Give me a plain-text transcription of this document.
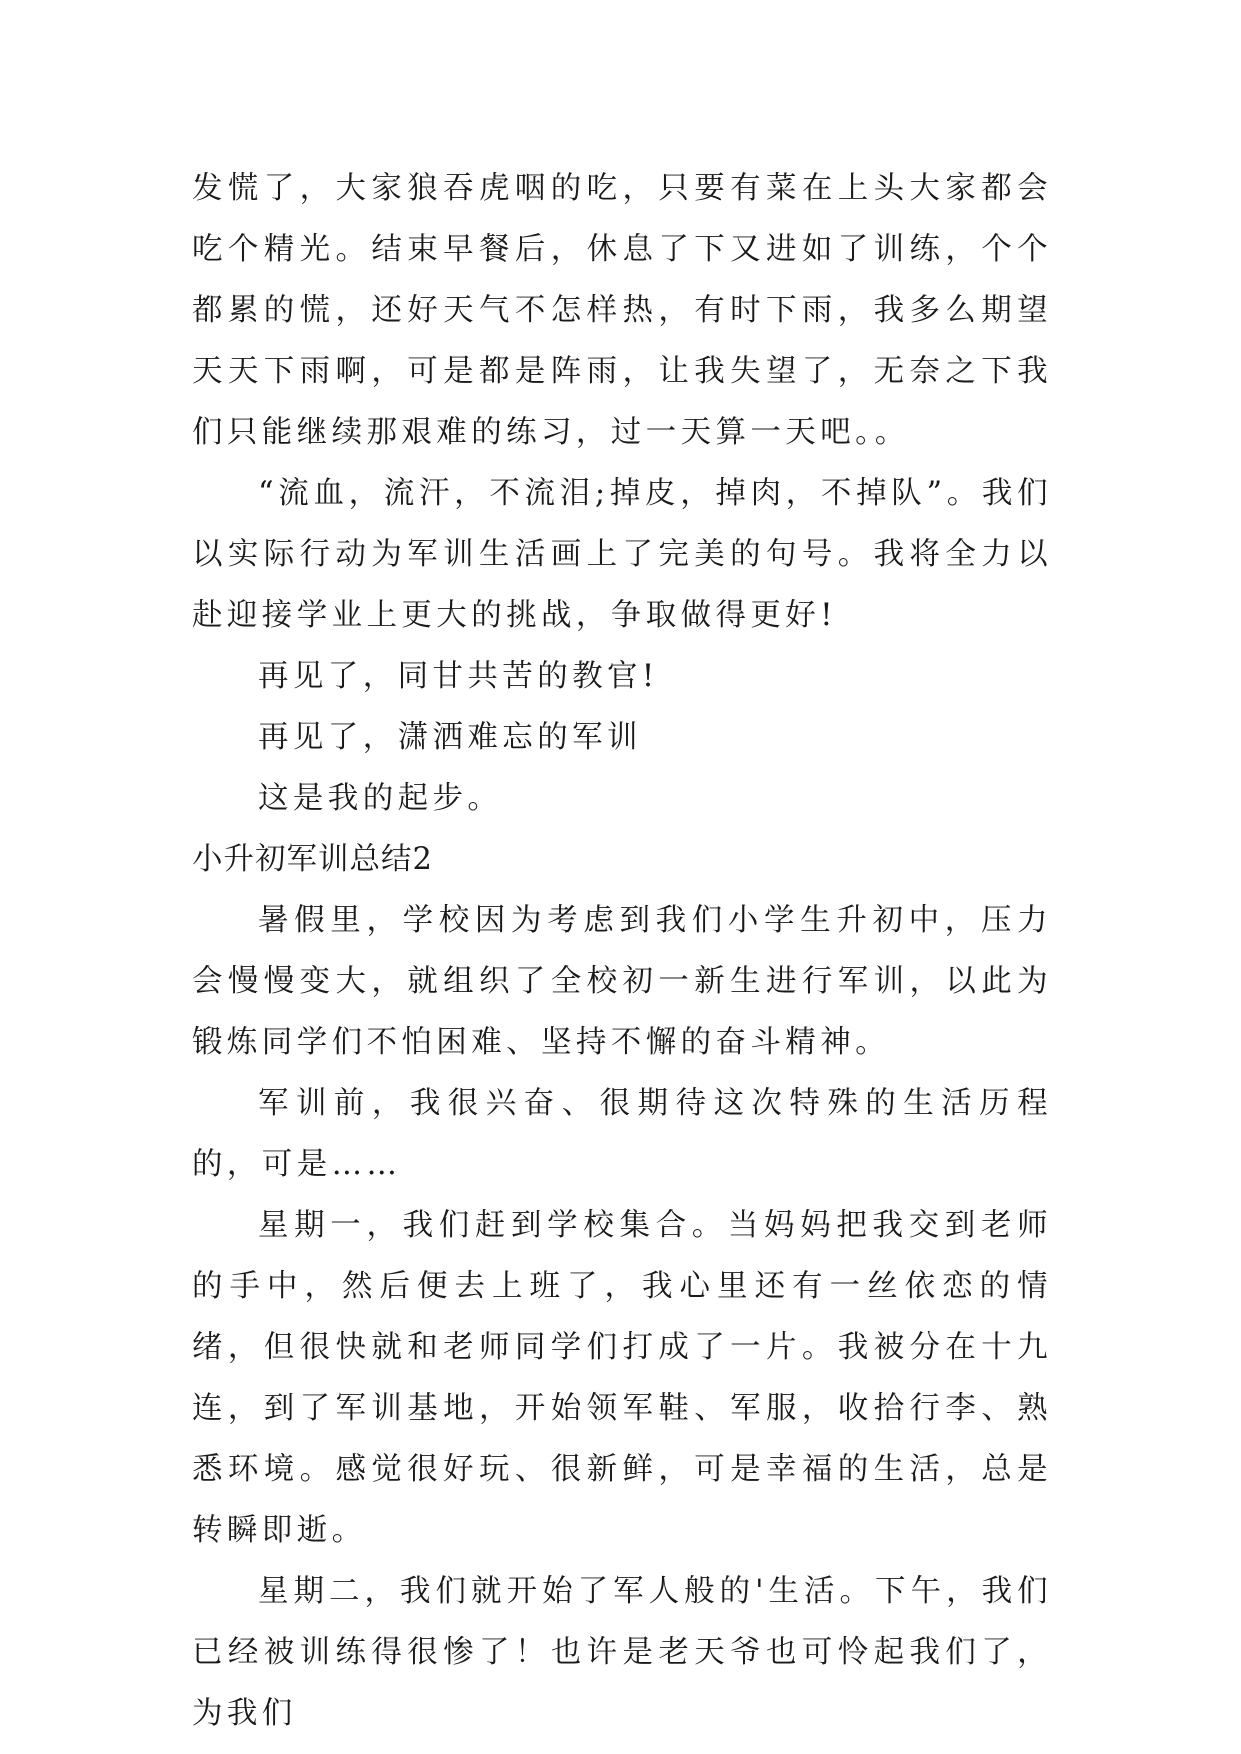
发慌了，大家狼吞虎咽的吃，只要有菜在上头大家都会吃个精光。结束早餐后，休息了下又进如了训练，个个都累的慌，还好天气不怎样热，有时下雨，我多么期望天天下雨啊，可是都是阵雨，让我失望了，无奈之下我们只能继续那艰难的练习，过一天算一天吧。。

“流血，流汗，不流泪;掉皮，掉肉，不掉队”。我们以实际行动为军训生活画上了完美的句号。我将全力以赴迎接学业上更大的挑战，争取做得更好!

再见了，同甘共苦的教官!

再见了，潇洒难忘的军训

这是我的起步。

小升初军训总结2

暑假里，学校因为考虑到我们小学生升初中，压力会慢慢变大，就组织了全校初一新生进行军训，以此为锻炼同学们不怕困难、坚持不懈的奋斗精神。

军训前，我很兴奋、很期待这次特殊的生活历程的，可是……

星期一，我们赶到学校集合。当妈妈把我交到老师的手中，然后便去上班了，我心里还有一丝依恋的情绪，但很快就和老师同学们打成了一片。我被分在十九连，到了军训基地，开始领军鞋、军服，收拾行李、熟悉环境。感觉很好玩、很新鲜，可是幸福的生活，总是转瞬即逝。

星期二，我们就开始了军人般的'生活。下午，我们已经被训练得很惨了！也许是老天爷也可怜起我们了，为我们
